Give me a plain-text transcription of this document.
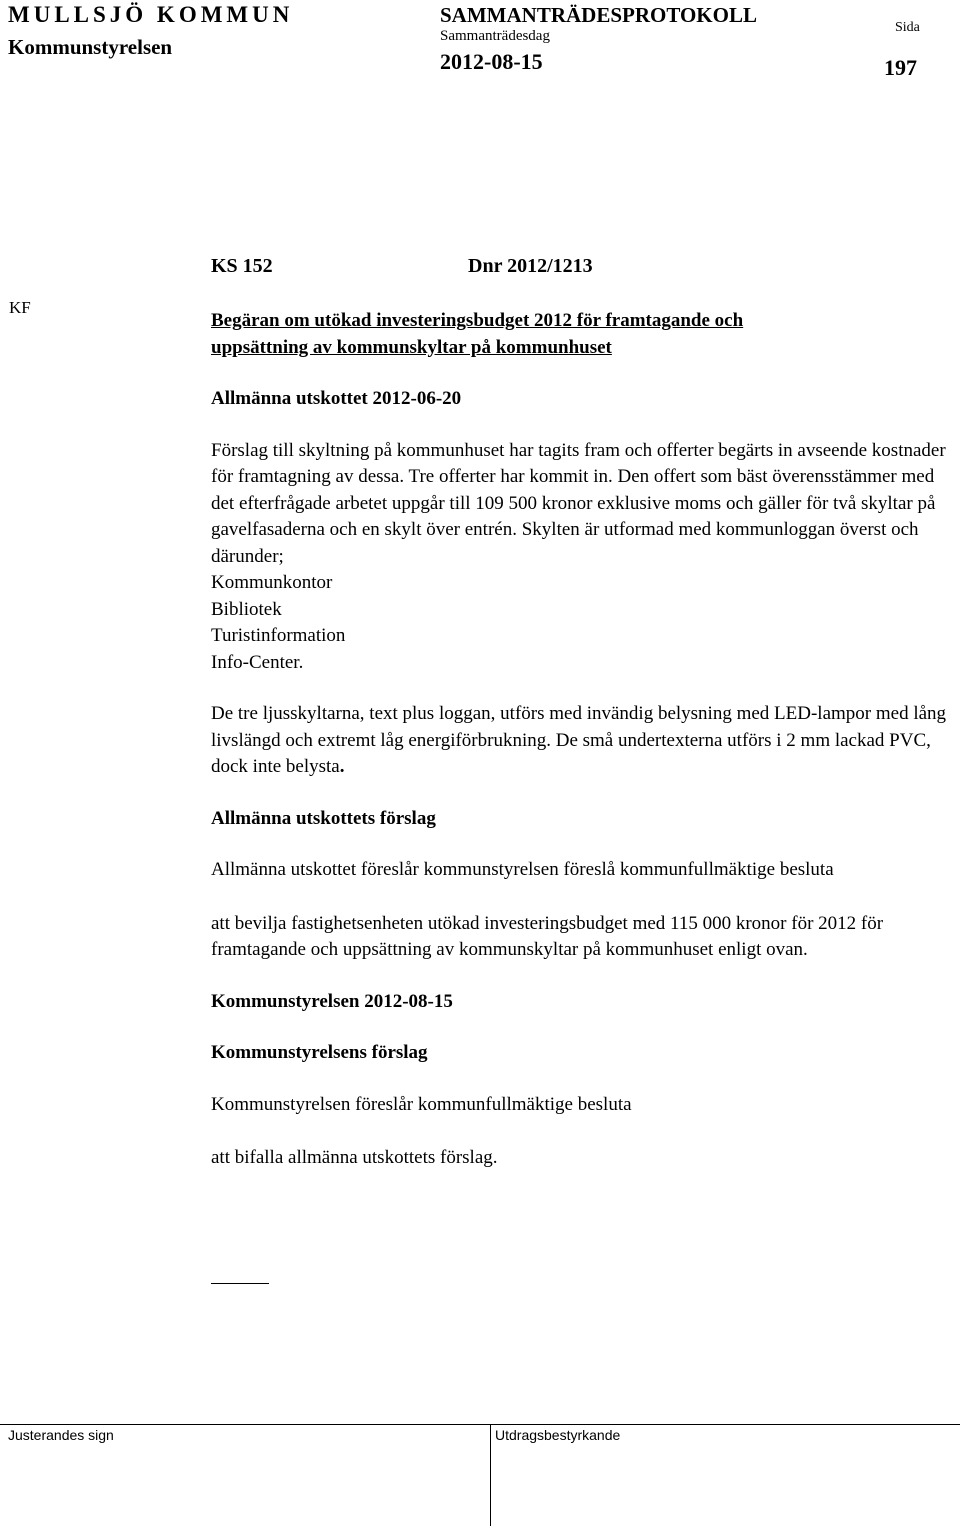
MULLSJÖ KOMMUN
Kommunstyrelsen
SAMMANTRÄDESPROTOKOLL
Sammanträdesdag
2012-08-15
Sida
197
KF
KS 152	Dnr 2012/1213

Begäran om utökad investeringsbudget 2012 för framtagande och

uppsättning av kommunskyltar på kommunhuset

Allmänna utskottet 2012-06-20

Förslag till skyltning på kommunhuset har tagits fram och offerter begärts in avseende kostnader för framtagning av dessa. Tre offerter har kommit in. Den offert som bäst överensstämmer med det efterfrågade arbetet uppgår till 109 500 kronor exklusive moms och gäller för två skyltar på gavelfasaderna och en skylt över entrén. Skylten är utformad med kommunloggan överst och därunder;

Kommunkontor

Bibliotek

Turistinformation

Info-Center.

De tre ljusskyltarna, text plus loggan, utförs med invändig belysning med LED-lampor med lång livslängd och extremt låg energiförbrukning. De små undertexterna utförs i 2 mm lackad PVC, dock inte belysta.

Allmänna utskottets förslag

Allmänna utskottet föreslår kommunstyrelsen föreslå kommunfullmäktige besluta

att bevilja fastighetsenheten utökad investeringsbudget med 115 000 kronor för 2012 för framtagande och uppsättning av kommunskyltar på kommunhuset enligt ovan.

Kommunstyrelsen 2012-08-15

Kommunstyrelsens förslag

Kommunstyrelsen föreslår kommunfullmäktige besluta

att bifalla allmänna utskottets förslag.

Justerandes sign	Utdragsbestyrkande
